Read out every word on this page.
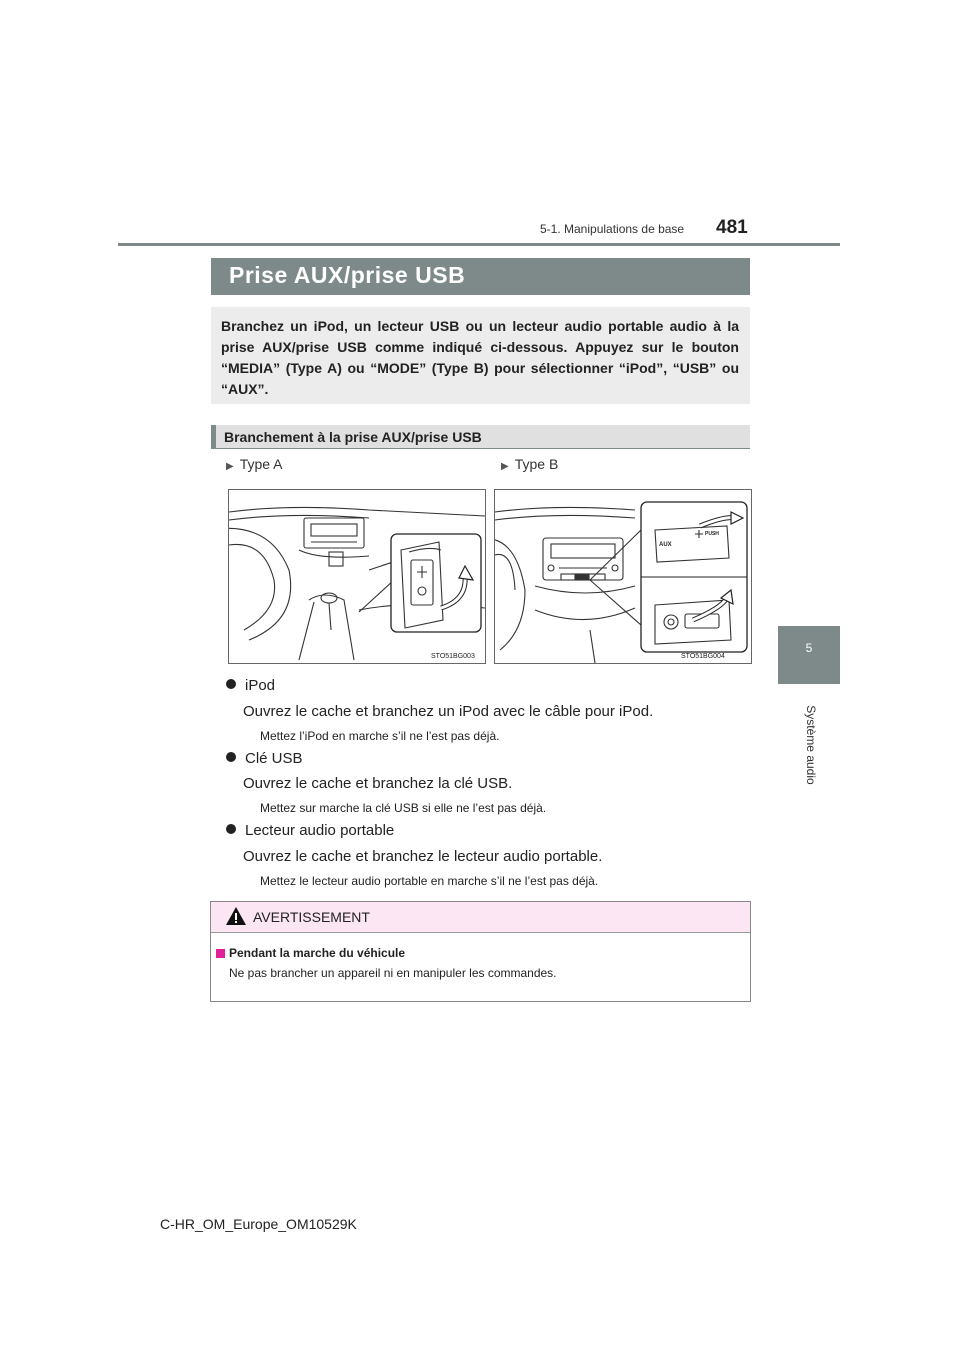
5-1. Manipulations de base 481
5
Système audio
Prise AUX/prise USB
Branchez un iPod, un lecteur USB ou un lecteur audio portable audio à la prise AUX/prise USB comme indiqué ci-dessous. Appuyez sur le bouton “MEDIA” (Type A) ou “MODE” (Type B) pour sélectionner “iPod”, “USB” ou “AUX”.
Branchement à la prise AUX/prise USB
▶ Type A	▶ Type B
STO51BG003	STO51BG004
PUSH
AUX
iPod
Ouvrez le cache et branchez un iPod avec le câble pour iPod.
Mettez l’iPod en marche s’il ne l’est pas déjà.
Clé USB
Ouvrez le cache et branchez la clé USB.
Mettez sur marche la clé USB si elle ne l’est pas déjà.
Lecteur audio portable
Ouvrez le cache et branchez le lecteur audio portable.
Mettez le lecteur audio portable en marche s’il ne l’est pas déjà.
AVERTISSEMENT
Pendant la marche du véhicule
Ne pas brancher un appareil ni en manipuler les commandes.
C-HR_OM_Europe_OM10529K
